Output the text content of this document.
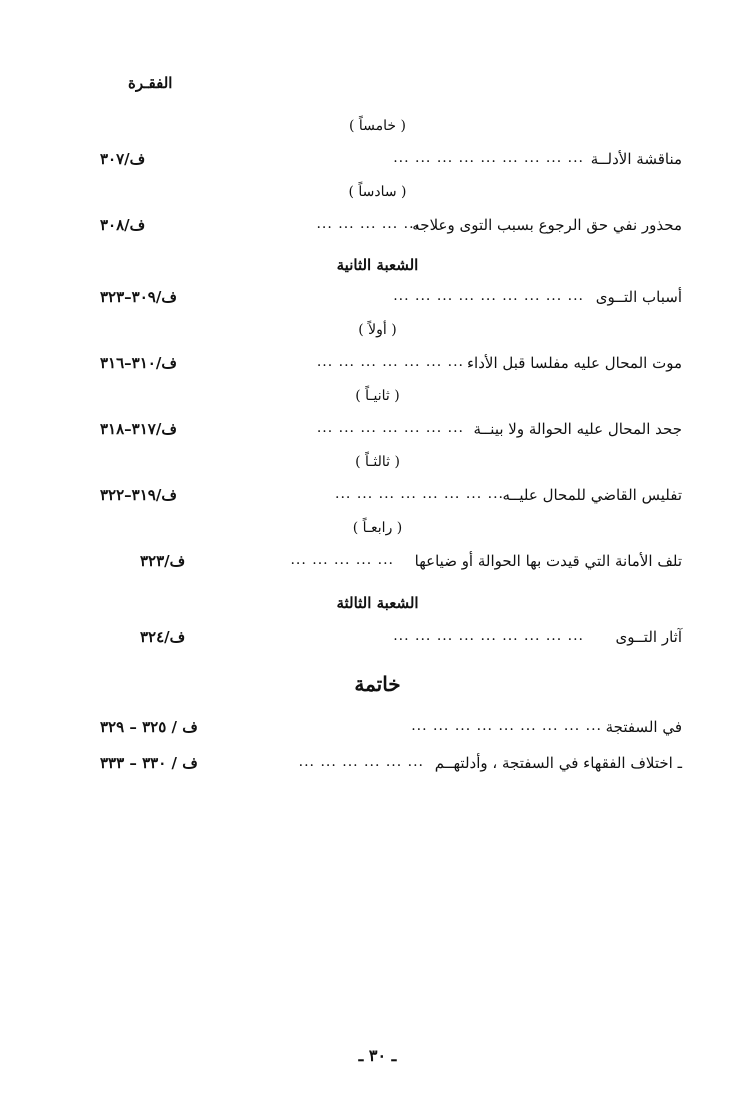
الفقـرة
( خامساً )
مناقشة الأدلــة
... ... ... ... ... ... ... ... ...
ف/٣٠٧
( سادساً )
محذور نفي حق الرجوع بسبب التوى وعلاجه
... ... ... ... ...
ف/٣٠٨
الشعبة الثانية
أسباب التــوى
... ... ... ... ... ... ... ... ...
ف/٣٠٩–٣٢٣
( أولاً )
موت المحال عليه مفلسا قبل الأداء
... ... ... ... ... ... ...
ف/٣١٠–٣١٦
( ثانيـاً )
جحد المحال عليه الحوالة ولا بينــة
... ... ... ... ... ... ...
ف/٣١٧–٣١٨
( ثالثـاً )
تفليس القاضي للمحال عليــه
... ... ... ... ... ... ... ...
ف/٣١٩–٣٢٢
( رابعـاً )
تلف الأمانة التي قيدت بها الحوالة أو ضياعها
... ... ... ... ...
ف/٣٢٣
الشعبة الثالثة
آثار التــوى
... ... ... ... ... ... ... ... ...
ف/٣٢٤
خاتمة
في السفتجة
... ... ... ... ... ... ... ... ...
ف / ٣٢٥ – ٣٢٩
ـ اختلاف الفقهاء في السفتجة ، وأدلتهــم
... ... ... ... ... ...
ف / ٣٣٠ – ٣٣٣
ـ ٣٠ ـ
